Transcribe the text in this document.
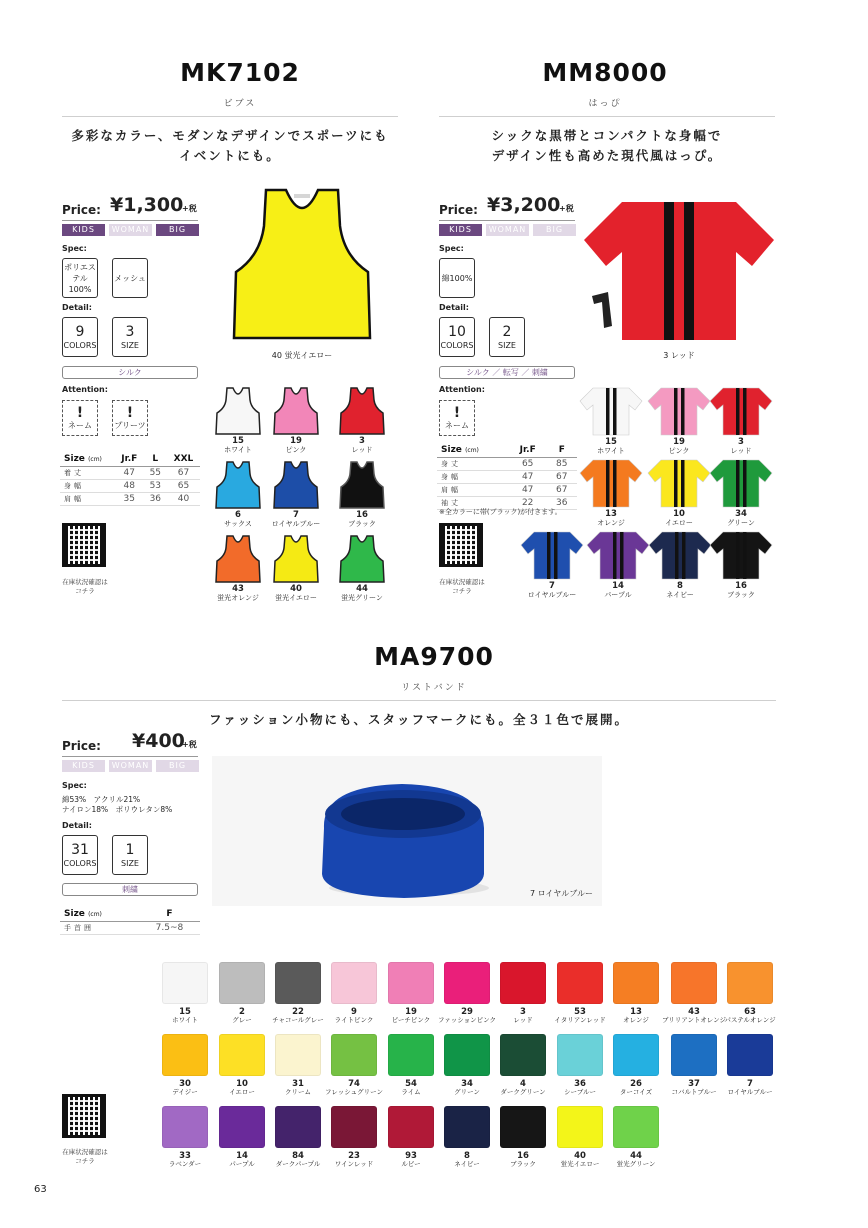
MK7102
ビブス
多彩なカラー、モダンなデザインでスポーツにも
イベントにも。
Price: ¥1,300
+税
KIDS	WOMAN	BIG
Spec:
ポリエステル100%
メッシュ
Detail:
9
COLORS
3
SIZE
シルク
Attention:
!
ネーム
!
プリーツ
Size (cm)	Jr.F	L	XXL
着丈	47	55	67
身幅	48	53	65
肩幅	35	36	40
在庫状況確認は
コチラ
40 蛍光イエロー
15
ホワイト
19
ピンク
3
レッド
6
サックス
7
ロイヤルブルー
16
ブラック
43
蛍光オレンジ
40
蛍光イエロー
44
蛍光グリーン
MM8000
はっぴ
シックな黒帯とコンパクトな身幅で
デザイン性も高めた現代風はっぴ。
Price: ¥3,200
+税
KIDS	WOMAN	BIG
Spec:
綿100%
Detail:
10
COLORS
2
SIZE
シルク ／ 転写 ／ 刺繍
Attention:
!
ネーム
Size (cm)	Jr.F	F
身丈	65	85
身幅	47	67
肩幅	47	67
袖丈	22	36
※全カラーに帯(ブラック)が付きます。
在庫状況確認は
コチラ
3 レッド
15
ホワイト
19
ピンク
3
レッド
13
オレンジ
10
イエロー
34
グリーン
7
ロイヤルブルー
14
パープル
8
ネイビー
16
ブラック
MA9700
リストバンド
ファッション小物にも、スタッフマークにも。全３１色で展開。
Price: ¥400
+税
KIDS	WOMAN	BIG
Spec:
綿53%　アクリル21%
ナイロン18%　ポリウレタン8%
Detail:
31
COLORS
1
SIZE
刺繍
Size (cm)	F
手首囲	7.5~8
7 ロイヤルブルー
在庫状況確認は
コチラ
15
ホワイト
2
グレー
22
チャコールグレー
9
ライトピンク
19
ピーチピンク
29
ファッションピンク
3
レッド
53
イタリアンレッド
13
オレンジ
43
ブリリアントオレンジ
63
パステルオレンジ
30
デイジー
10
イエロー
31
クリーム
74
フレッシュグリーン
54
ライム
34
グリーン
4
ダークグリーン
36
シーブルー
26
ターコイズ
37
コバルトブルー
7
ロイヤルブルー
33
ラベンダー
14
パープル
84
ダークパープル
23
ワインレッド
93
ルビー
8
ネイビー
16
ブラック
40
蛍光イエロー
44
蛍光グリーン
63
